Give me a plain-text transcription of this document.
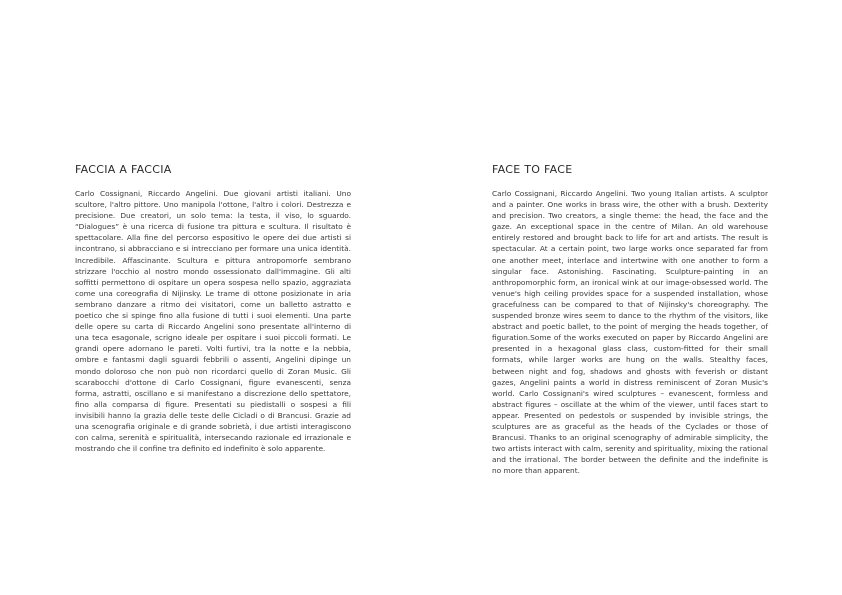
FACCIA A FACCIA

Carlo Cossignani, Riccardo Angelini. Due giovani artisti italiani. Uno scultore, l'altro pittore. Uno manipola l'ottone, l'altro i colori. Destrezza e precisione. Due creatori, un solo tema: la testa, il viso, lo sguardo. “Dialogues” è una ricerca di fusione tra pittura e scultura. Il risultato è spettacolare. Alla fine del percorso espositivo le opere dei due artisti si incontrano, si abbracciano e si intrecciano per formare una unica identità. Incredibile. Affascinante. Scultura e pittura antropomorfe sembrano strizzare l'occhio al nostro mondo ossessionato dall'immagine. Gli alti soffitti permettono di ospitare un opera sospesa nello spazio, aggraziata come una coreografia di Nijinsky. Le trame di ottone posizionate in aria sembrano danzare a ritmo dei visitatori, come un balletto astratto e poetico che si spinge fino alla fusione di tutti i suoi elementi. Una parte delle opere su carta di Riccardo Angelini sono presentate all'interno di una teca esagonale, scrigno ideale per ospitare i suoi piccoli formati. Le grandi opere adornano le pareti. Volti furtivi, tra la notte e la nebbia, ombre e fantasmi dagli sguardi febbrili o assenti, Angelini dipinge un mondo doloroso che non può non ricordarci quello di Zoran Music. Gli scarabocchi d'ottone di Carlo Cossignani, figure evanescenti, senza forma, astratti, oscillano e si manifestano a discrezione dello spettatore, fino alla comparsa di figure. Presentati su piedistalli o sospesi a fili invisibili hanno la grazia delle teste delle Cicladi o di Brancusi. Grazie ad una scenografia originale e di grande sobrietà, i due artisti interagiscono con calma, serenità e spiritualità, intersecando razionale ed irrazionale e mostrando che il confine tra definito ed indefinito è solo apparente.

FACE TO FACE

Carlo Cossignani, Riccardo Angelini. Two young Italian artists. A sculptor and a painter. One works in brass wire, the other with a brush. Dexterity and precision. Two creators, a single theme: the head, the face and the gaze. An exceptional space in the centre of Milan. An old warehouse entirely restored and brought back to life for art and artists. The result is spectacular. At a certain point, two large works once separated far from one another meet, interlace and intertwine with one another to form a singular face. Astonishing. Fascinating. Sculpture-painting in an anthropomorphic form, an ironical wink at our image-obsessed world. The venue's high ceiling provides space for a suspended installation, whose gracefulness can be compared to that of Nijinsky's choreography. The suspended bronze wires seem to dance to the rhythm of the visitors, like abstract and poetic ballet, to the point of merging the heads together, of figuration.Some of the works executed on paper by Riccardo Angelini are presented in a hexagonal glass class, custom-fitted for their small formats, while larger works are hung on the walls. Stealthy faces, between night and fog, shadows and ghosts with feverish or distant gazes, Angelini paints a world in distress reminiscent of Zoran Music's world. Carlo Cossignani's wired sculptures – evanescent, formless and abstract figures – oscillate at the whim of the viewer, until faces start to appear. Presented on pedestols or suspended by invisible strings, the sculptures are as graceful as the heads of the Cyclades or those of Brancusi. Thanks to an original scenography of admirable simplicity, the two artists interact with calm, serenity and spirituality, mixing the rational and the irrational. The border between the definite and the indefinite is no more than apparent.
